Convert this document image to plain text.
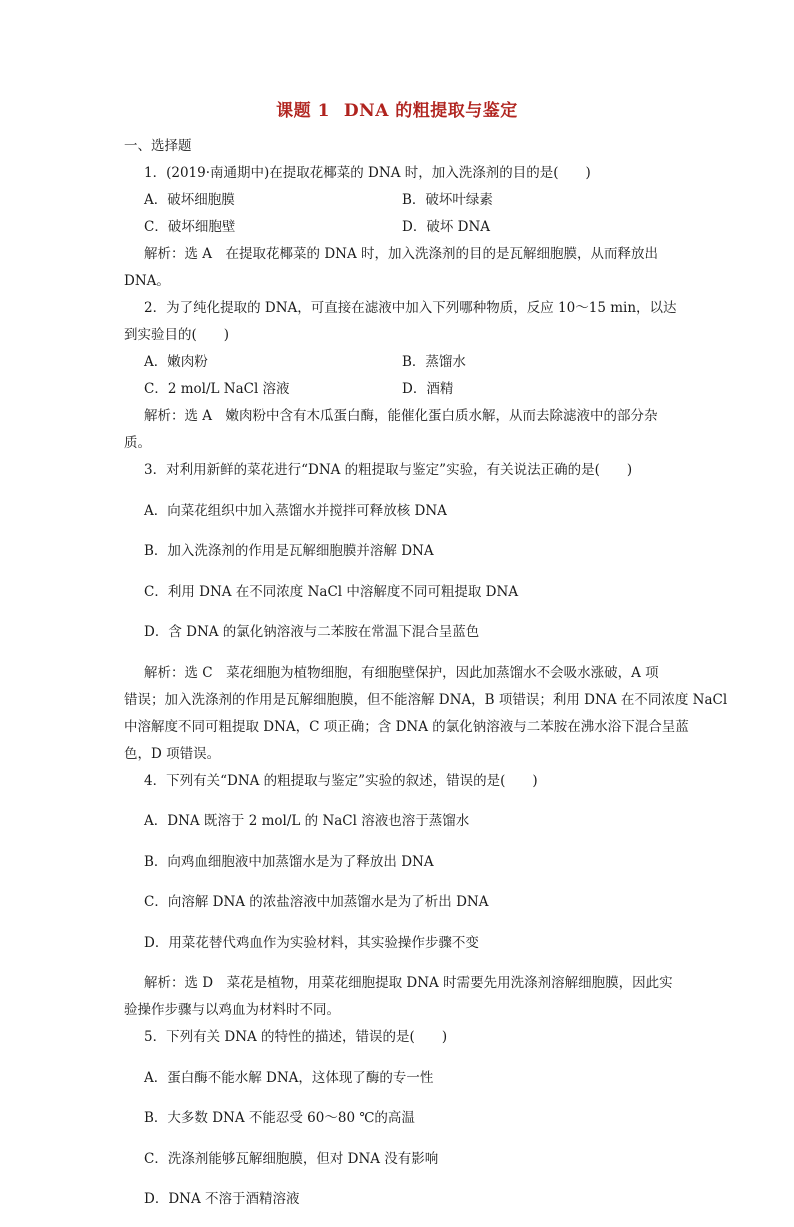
课题 1 DNA 的粗提取与鉴定
一、选择题

1．(2019·南通期中)在提取花椰菜的 DNA 时，加入洗涤剂的目的是(　　)

A．破坏细胞膜	B．破坏叶绿素
C．破坏细胞壁	D．破坏 DNA

解析：选 A　在提取花椰菜的 DNA 时，加入洗涤剂的目的是瓦解细胞膜，从而释放出

DNA。

2．为了纯化提取的 DNA，可直接在滤液中加入下列哪种物质，反应 10～15 min，以达

到实验目的(　　)

A．嫩肉粉	B．蒸馏水
C．2 mol/L NaCl 溶液	D．酒精

解析：选 A　嫩肉粉中含有木瓜蛋白酶，能催化蛋白质水解，从而去除滤液中的部分杂

质。

3．对利用新鲜的菜花进行“DNA 的粗提取与鉴定”实验，有关说法正确的是(　　)

A．向菜花组织中加入蒸馏水并搅拌可释放核 DNA

B．加入洗涤剂的作用是瓦解细胞膜并溶解 DNA

C．利用 DNA 在不同浓度 NaCl 中溶解度不同可粗提取 DNA

D．含 DNA 的氯化钠溶液与二苯胺在常温下混合呈蓝色

解析：选 C　菜花细胞为植物细胞，有细胞壁保护，因此加蒸馏水不会吸水涨破，A 项

错误；加入洗涤剂的作用是瓦解细胞膜，但不能溶解 DNA，B 项错误；利用 DNA 在不同浓度 NaCl

中溶解度不同可粗提取 DNA，C 项正确；含 DNA 的氯化钠溶液与二苯胺在沸水浴下混合呈蓝

色，D 项错误。

4．下列有关“DNA 的粗提取与鉴定”实验的叙述，错误的是(　　)

A．DNA 既溶于 2 mol/L 的 NaCl 溶液也溶于蒸馏水

B．向鸡血细胞液中加蒸馏水是为了释放出 DNA

C．向溶解 DNA 的浓盐溶液中加蒸馏水是为了析出 DNA

D．用菜花替代鸡血作为实验材料，其实验操作步骤不变

解析：选 D　菜花是植物，用菜花细胞提取 DNA 时需要先用洗涤剂溶解细胞膜，因此实

验操作步骤与以鸡血为材料时不同。

5．下列有关 DNA 的特性的描述，错误的是(　　)

A．蛋白酶不能水解 DNA，这体现了酶的专一性

B．大多数 DNA 不能忍受 60～80 ℃的高温

C．洗涤剂能够瓦解细胞膜，但对 DNA 没有影响

D．DNA 不溶于酒精溶液
